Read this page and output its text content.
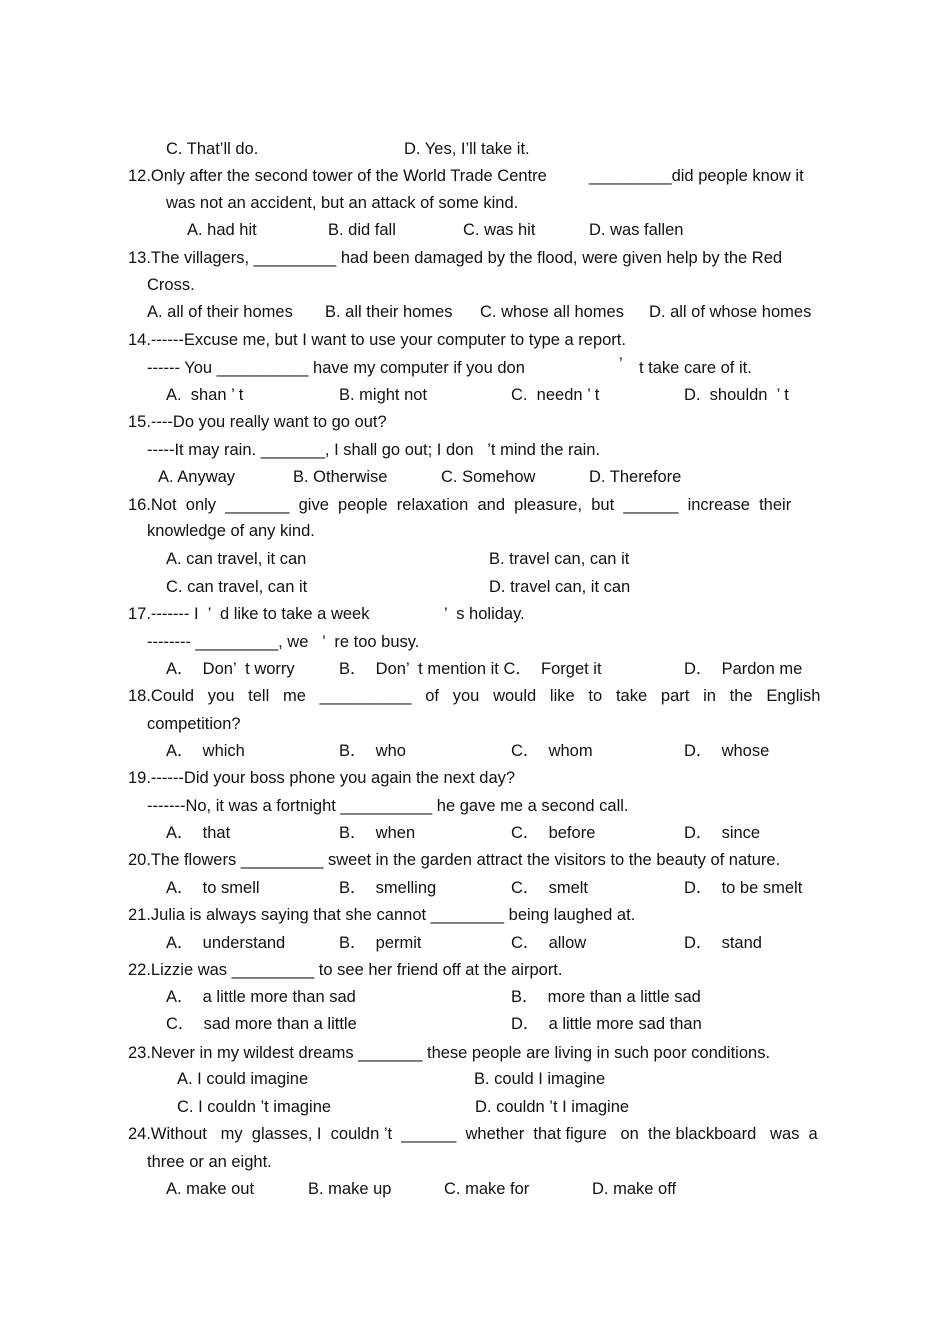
C. That’ll do.	D. Yes, I’ll take it.
12.Only after the second tower of the World Trade Centre	_________did people know it
was not an accident, but an attack of some kind.
A. had hit	B. did fall	C. was hit	D. was fallen
13.The villagers, _________ had been damaged by the flood, were given help by the Red
Cross.
A. all of their homes B. all their homes C. whose all homes D. all of whose homes
14.------Excuse me, but I want to use your computer to type a report.
------ You __________ have my computer if you don	’ t take care of it.
A.  shan ’ t	B. might not	C.  needn ’ t	D.  shouldn  ’ t
15.----Do you really want to go out?
-----It may rain. _______, I shall go out; I don   ’t mind the rain.
A. Anyway	B. Otherwise	C. Somehow	D. Therefore
16.Not  only  _______  give  people  relaxation  and  pleasure,  but  ______  increase  their
knowledge of any kind.
A. can travel, it can	B. travel can, can it
C. can travel, can it	D. travel can, it can
17.------- I  ’  d like to take a week	’  s holiday.
-------- _________, we   ’  re too busy.
A．  Don’  t worry	B．  Don’  t mention it C．  Forget it	D．  Pardon me
18.Could   you   tell   me   __________   of   you   would   like   to   take   part   in   the   English
competition?
A．  which	B．  who	C．  whom	D．  whose
19.------Did your boss phone you again the next day?
-------No, it was a fortnight __________ he gave me a second call.
A．  that	B．  when	C．  before	D．  since
20.The flowers _________ sweet in the garden attract the visitors to the beauty of nature.
A．  to smell	B．  smelling	C．  smelt	D．  to be smelt
21.Julia is always saying that she cannot ________ being laughed at.
A．  understand	B．  permit	C．  allow	D．  stand
22.Lizzie was _________ to see her friend off at the airport.
A．  a little more than sad	B．  more than a little sad
C．  sad more than a little	D．  a little more sad than
23.Never in my wildest dreams _______ these people are living in such poor conditions.
A. I could imagine	B. could I imagine
C. I couldn ’t imagine	D. couldn ’t I imagine
24.Without   my  glasses, I  couldn ’t  ______  whether  that figure   on  the blackboard   was  a
three or an eight.
A. make out	B. make up	C. make for	D. make off
